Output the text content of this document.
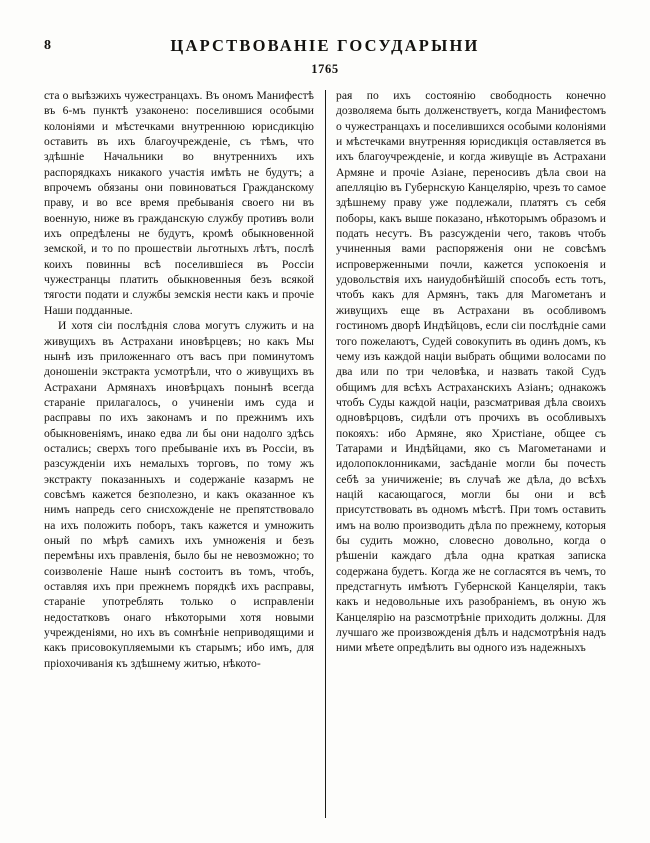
8	ЦАРСТВОВАНIЕ ГОСУДАРЫНИ
1765

ста о выѣзжихъ чужестранцахъ. Въ ономъ Манифестѣ въ 6-мъ пунктѣ узаконено: поселившися особыми колонiями и мѣстечками внутреннюю юрисдикцiю оставить въ ихъ благоучрежденiе, съ тѣмъ, что здѣшнiе Начальники во внутреннихъ ихъ распорядкахъ никакого участiя имѣть не будутъ; а впрочемъ обязаны они повиноваться Гражданскому праву, и во все время пребыванiя своего ни въ военную, ниже въ гражданскую службу противъ воли ихъ опредѣлены не будутъ, кромѣ обыкновенной земской, и то по прошествiи льготныхъ лѣтъ, послѣ коихъ повинны всѣ поселившiеся въ Россiи чужестранцы платить обыкновенныя безъ всякой тягости подати и службы земскiя нести какъ и прочiе Наши подданные.

И хотя сiи послѣднiя слова могутъ служить и на живущихъ въ Астрахани иновѣрцевъ; но какъ Мы нынѣ изъ приложеннаго отъ васъ при поминутомъ доношенiи экстракта усмотрѣли, что о живущихъ въ Астрахани Армянахъ иновѣрцахъ понынѣ всегда старанiе прилагалось, о учиненiи имъ суда и расправы по ихъ законамъ и по прежнимъ ихъ обыкновенiямъ, инако едва ли бы они надолго здѣсь остались; сверхъ того пребыванiе ихъ въ Россiи, въ разсужденiи ихъ немалыхъ торговъ, по тому жъ экстракту показанныхъ и содержанiе казармъ не совсѣмъ кажется безполезно, и какъ оказанное къ нимъ напредь сего снисхожденiе не препятствовало на ихъ положить поборъ, такъ кажется и умножить оный по мѣрѣ самихъ ихъ умноженiя и безъ перемѣны ихъ правленiя, было бы не невозможно; то соизволенiе Наше нынѣ состоитъ въ томъ, чтобъ, оставляя ихъ при прежнемъ порядкѣ ихъ расправы, старанiе употреблять только о исправленiи недостатковъ онаго нѣкоторыми хотя новыми учрежденiями, но ихъ въ сомнѣнiе неприводящими и какъ присовокупляемыми къ старымъ; ибо имъ, для прiохочиванiя къ здѣшнему житью, нѣкото-

рая по ихъ состоянiю свободность конечно дозволяема быть долженствуетъ, когда Манифестомъ о чужестранцахъ и поселившихся особыми колонiями и мѣстечками внутренняя юрисдикцiя оставляется въ ихъ благоучрежденiе, и когда живущiе въ Астрахани Армяне и прочiе Азiане, переносивъ дѣла свои на апелляцiю въ Губернскую Канцелярiю, чрезъ то самое здѣшнему праву уже подлежали, платятъ съ себя поборы, какъ выше показано, нѣкоторымъ образомъ и подать несутъ. Въ разсужденiи чего, таковъ чтобъ учиненныя вами распоряженiя они не совсѣмъ испроверженными почли, кажется успокоенiя и удовольствiя ихъ наиудобнѣйшiй способъ есть тотъ, чтобъ какъ для Армянъ, такъ для Магометанъ и живущихъ еще въ Астрахани въ особливомъ гостиномъ дворѣ Индѣйцовъ, если сiи послѣднiе сами того пожелаютъ, Судей совокупить въ одинъ домъ, къ чему изъ каждой нацiи выбрать общими волосами по два или по три человѣка, и назвать такой Судъ общимъ для всѣхъ Астраханскихъ Азiанъ; однакожъ чтобъ Суды каждой нацiи, разсматривая дѣла своихъ одновѣрцовъ, сидѣли отъ прочихъ въ особливыхъ покояхъ: ибо Армяне, яко Христiане, общее съ Татарами и Индѣйцами, яко съ Магометанами и идолопоклонниками, засѣданiе могли бы почесть себѣ за уничиженiе; въ случаѣ же дѣла, до всѣхъ нацiй касающагося, могли бы они и всѣ присутствовать въ одномъ мѣстѣ. При томъ оставить имъ на волю производить дѣла по прежнему, которыя бы судить можно, словесно довольно, когда о рѣшенiи каждаго дѣла одна краткая записка содержана будетъ. Когда же не согласятся въ чемъ, то предстагнуть имѣютъ Губернской Канцелярiи, такъ какъ и недовольные ихъ разобранiемъ, въ оную жъ Канцелярiю на разсмотрѣнiе приходить должны. Для лучшаго же произвожденiя дѣлъ и надсмотрѣнiя надъ ними мѣете опредѣлить вы одного изъ надежныхъ
